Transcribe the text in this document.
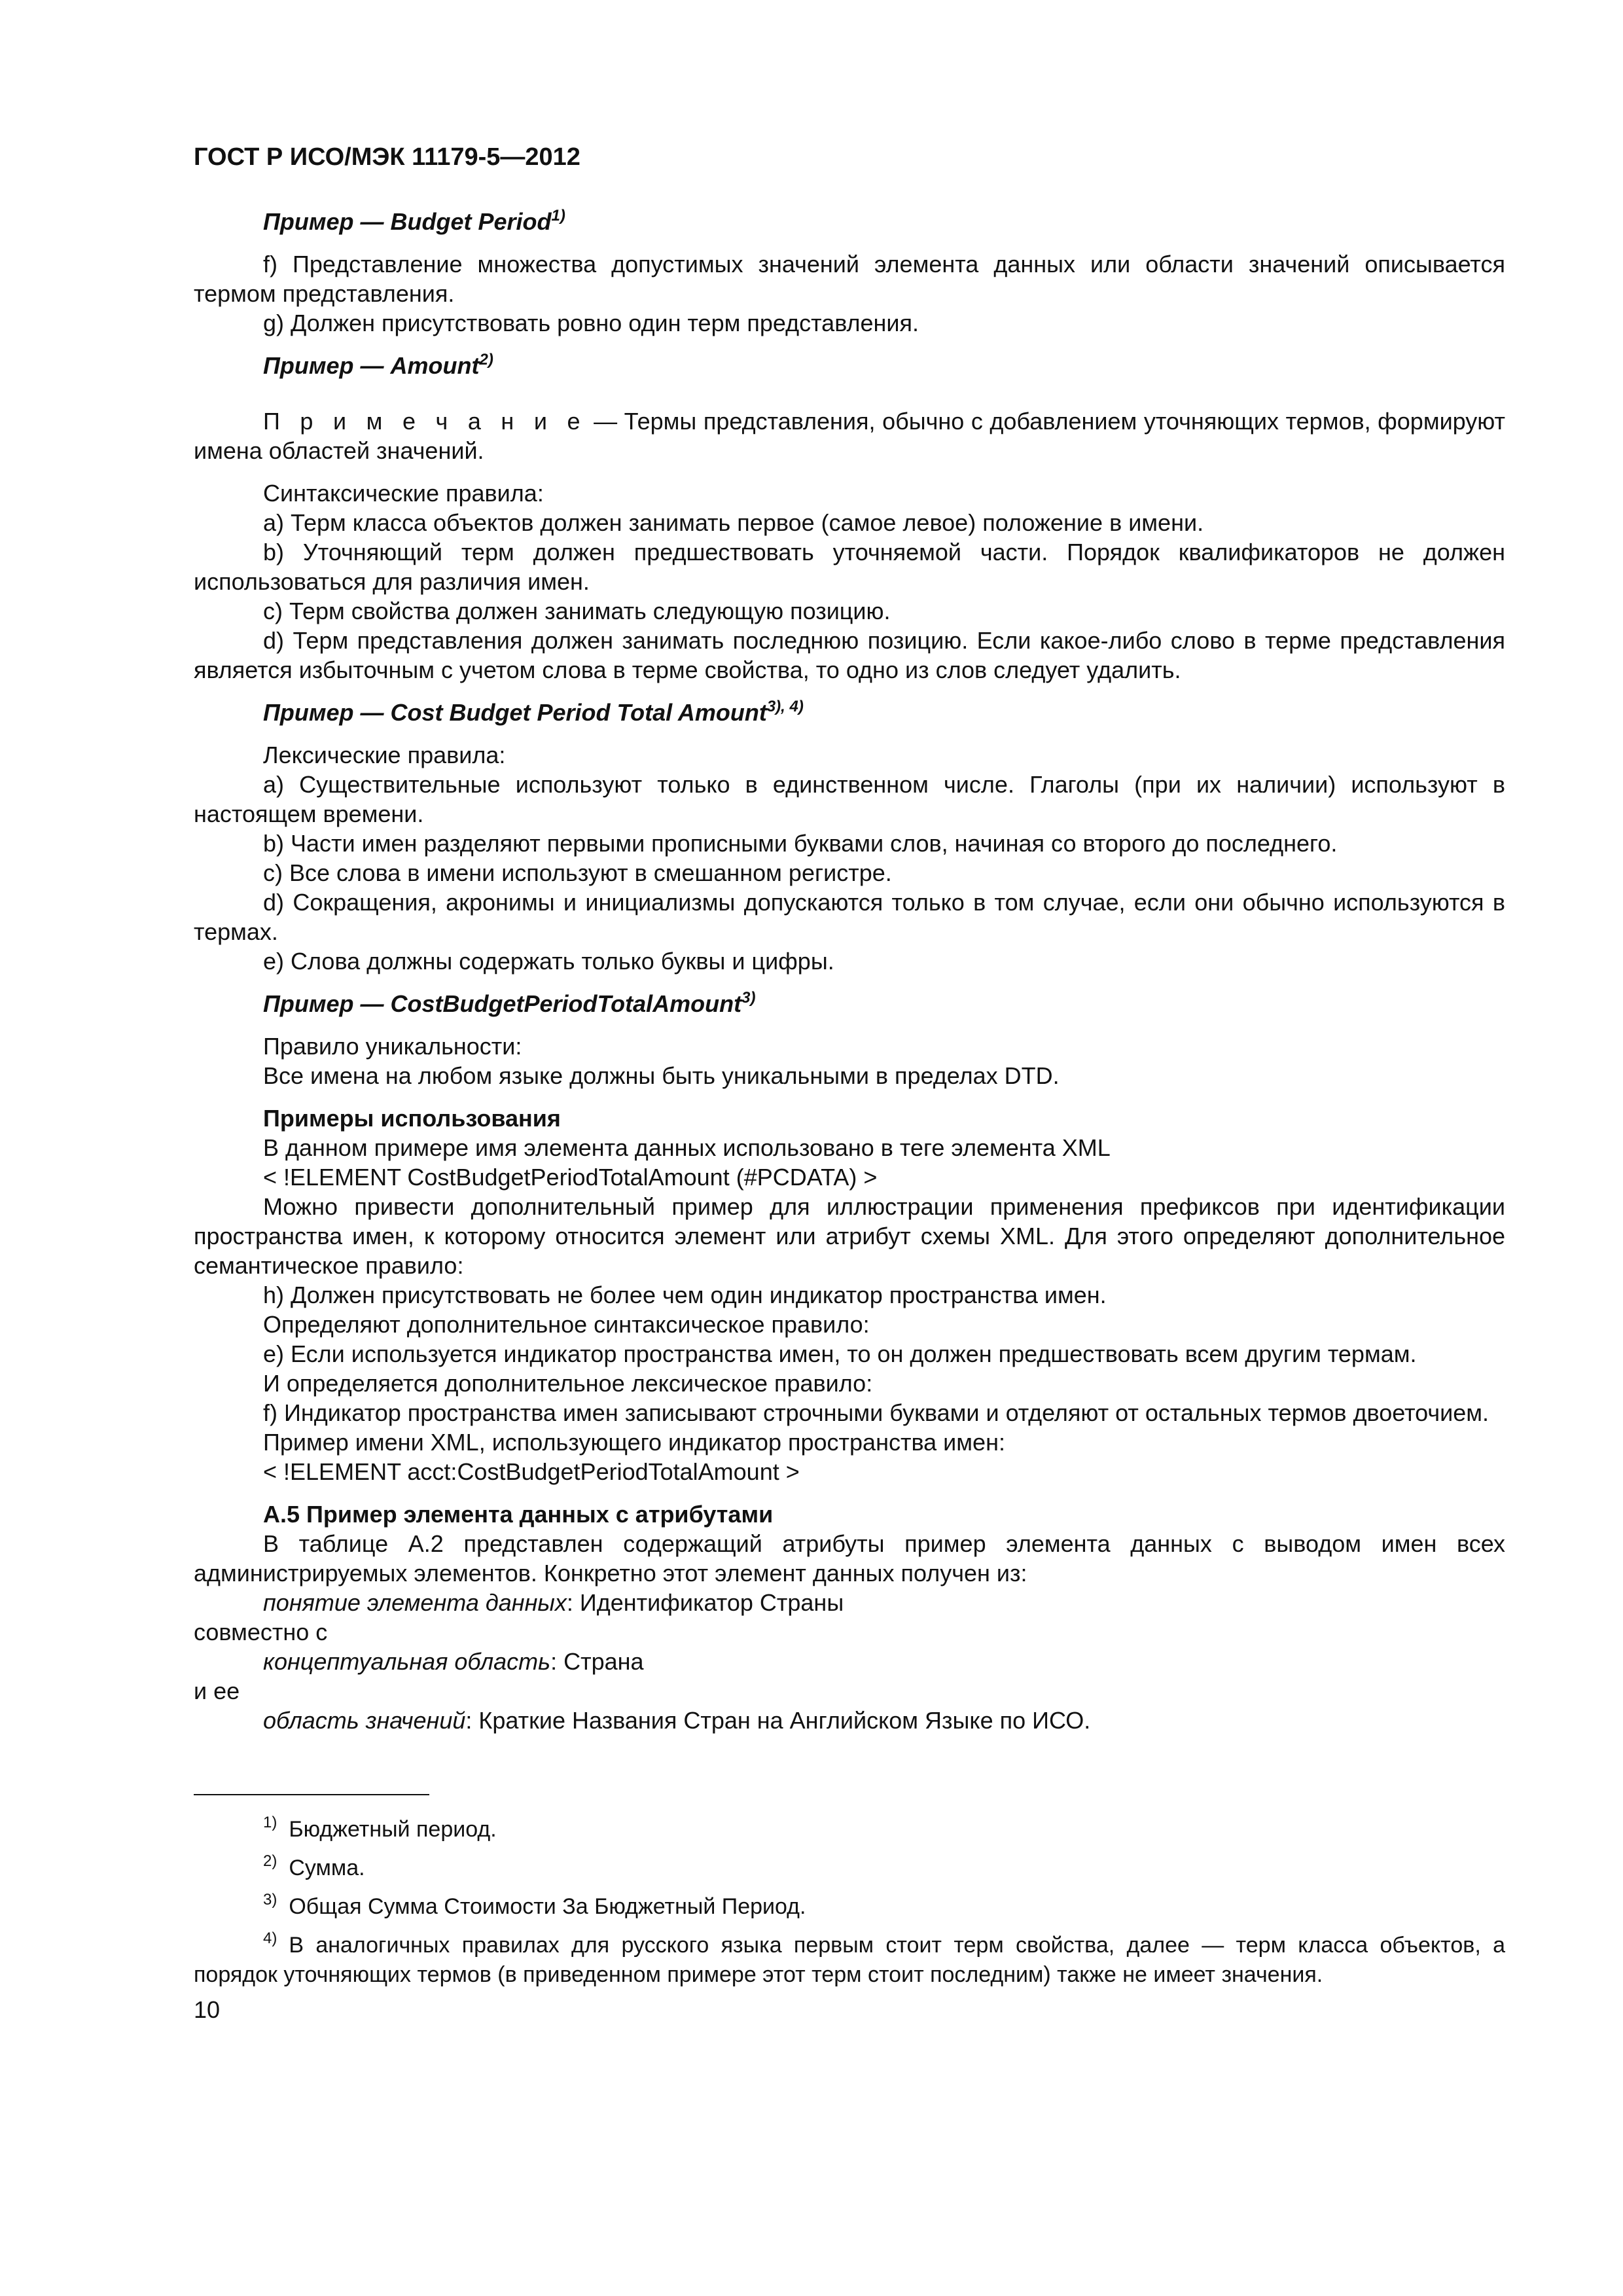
ГОСТ Р ИСО/МЭК 11179-5—2012

Пример — Budget Period$^{1)}$

f) Представление множества допустимых значений элемента данных или области значений описывается термом представления.

g) Должен присутствовать ровно один терм представления.

Пример — Amount$^{2)}$

П р и м е ч а н и е — Термы представления, обычно с добавлением уточняющих термов, формируют имена областей значений.

Синтаксические правила:

a) Терм класса объектов должен занимать первое (самое левое) положение в имени.

b) Уточняющий терм должен предшествовать уточняемой части. Порядок квалификаторов не должен использоваться для различия имен.

c) Терм свойства должен занимать следующую позицию.

d) Терм представления должен занимать последнюю позицию. Если какое-либо слово в терме представления является избыточным с учетом слова в терме свойства, то одно из слов следует удалить.

Пример — Cost Budget Period Total Amount$^{3), 4)}$

Лексические правила:

a) Существительные используют только в единственном числе. Глаголы (при их наличии) используют в настоящем времени.

b) Части имен разделяют первыми прописными буквами слов, начиная со второго до последнего.

c) Все слова в имени используют в смешанном регистре.

d) Сокращения, акронимы и инициализмы допускаются только в том случае, если они обычно используются в термах.

e) Слова должны содержать только буквы и цифры.

Пример — CostBudgetPeriodTotalAmount$^{3)}$

Правило уникальности:

Все имена на любом языке должны быть уникальными в пределах DTD.

Примеры использования

В данном примере имя элемента данных использовано в теге элемента XML

< !ELEMENT CostBudgetPeriodTotalAmount (#PCDATA) >

Можно привести дополнительный пример для иллюстрации применения префиксов при идентификации пространства имен, к которому относится элемент или атрибут схемы XML. Для этого определяют дополнительное семантическое правило:

h) Должен присутствовать не более чем один индикатор пространства имен.

Определяют дополнительное синтаксическое правило:

e) Если используется индикатор пространства имен, то он должен предшествовать всем другим термам.

И определяется дополнительное лексическое правило:

f) Индикатор пространства имен записывают строчными буквами и отделяют от остальных термов двоеточием.

Пример имени XML, использующего индикатор пространства имен:

< !ELEMENT acct:CostBudgetPeriodTotalAmount >

А.5 Пример элемента данных с атрибутами

В таблице А.2 представлен содержащий атрибуты пример элемента данных с выводом имен всех администрируемых элементов. Конкретно этот элемент данных получен из:

понятие элемента данных: Идентификатор Страны

совместно с

концептуальная область: Страна

и ее

область значений: Краткие Названия Стран на Английском Языке по ИСО.

$^{1)}$ Бюджетный период.

$^{2)}$ Сумма.

$^{3)}$ Общая Сумма Стоимости За Бюджетный Период.

$^{4)}$ В аналогичных правилах для русского языка первым стоит терм свойства, далее — терм класса объектов, а порядок уточняющих термов (в приведенном примере этот терм стоит последним) также не имеет значения.

10
